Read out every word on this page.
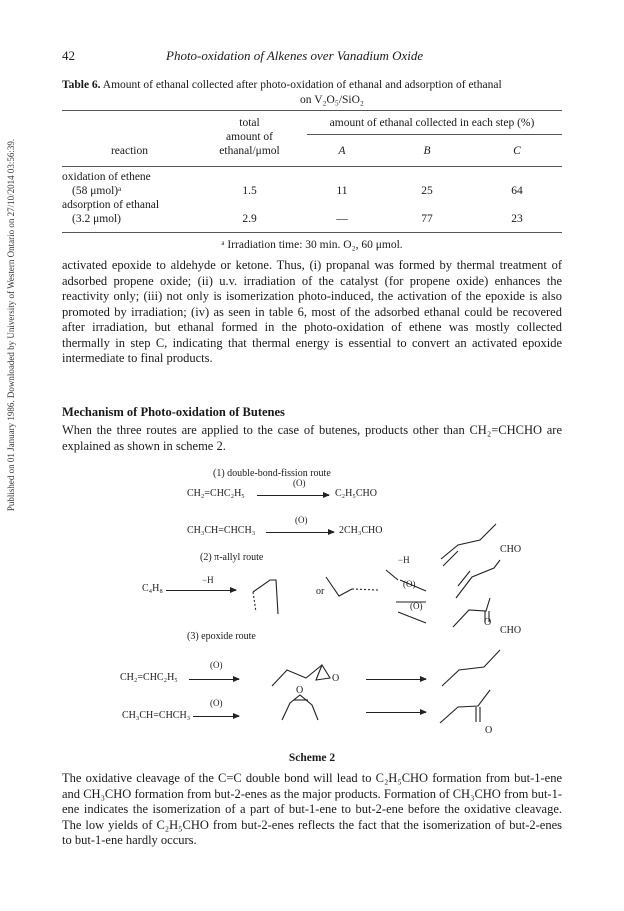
Published on 01 January 1986. Downloaded by University of Western Ontario on 27/10/2014 03:56:39.
42	Photo-oxidation of Alkenes over Vanadium Oxide
Table 6. Amount of ethanal collected after photo-oxidation of ethanal and adsorption of ethanal
on V₂O₅/SiO₂
	total	amount of ethanal collected in each step (%)		
	amount of			
reaction	ethanal/μmol	A	B	C

oxidation of ethene				
(58 μmol)ᵃ	1.5	11	25	64
adsorption of ethanal				
(3.2 μmol)	2.9	—	77	23
ᵃ Irradiation time: 30 min. O₂, 60 μmol.

activated epoxide to aldehyde or ketone. Thus, (i) propanal was formed by thermal treatment of adsorbed propene oxide; (ii) u.v. irradiation of the catalyst (for propene oxide) enhances the reactivity only; (iii) not only is isomerization photo-induced, the activation of the epoxide is also promoted by irradiation; (iv) as seen in table 6, most of the adsorbed ethanal could be recovered after irradiation, but ethanal formed in the photo-oxidation of ethene was mostly collected thermally in step C, indicating that thermal energy is essential to convert an activated epoxide intermediate to final products.

Mechanism of Photo-oxidation of Butenes

When the three routes are applied to the case of butenes, products other than CH₂=CHCHO are explained as shown in scheme 2.

(1) double-bond-fission route
CH₂=CHC₂H₅
(O)
C₂H₅CHO
CH₃CH=CHCH₃
(O)
2CH₃CHO
(2) π-allyl route
C₄H₈
−H
or
−H
(O)
(O)
CHO
CHO
O
(3) epoxide route
CH₂=CHC₂H₅
(O)
O
CH₃CH=CHCH₃
(O)
O
O
Scheme 2

The oxidative cleavage of the C=C double bond will lead to C₂H₅CHO formation from but-1-ene and CH₃CHO formation from but-2-enes as the major products. Formation of CH₃CHO from but-1-ene indicates the isomerization of a part of but-1-ene to but-2-ene before the oxidative cleavage. The low yields of C₂H₅CHO from but-2-enes reflects the fact that the isomerization of but-2-enes to but-1-ene hardly occurs.
